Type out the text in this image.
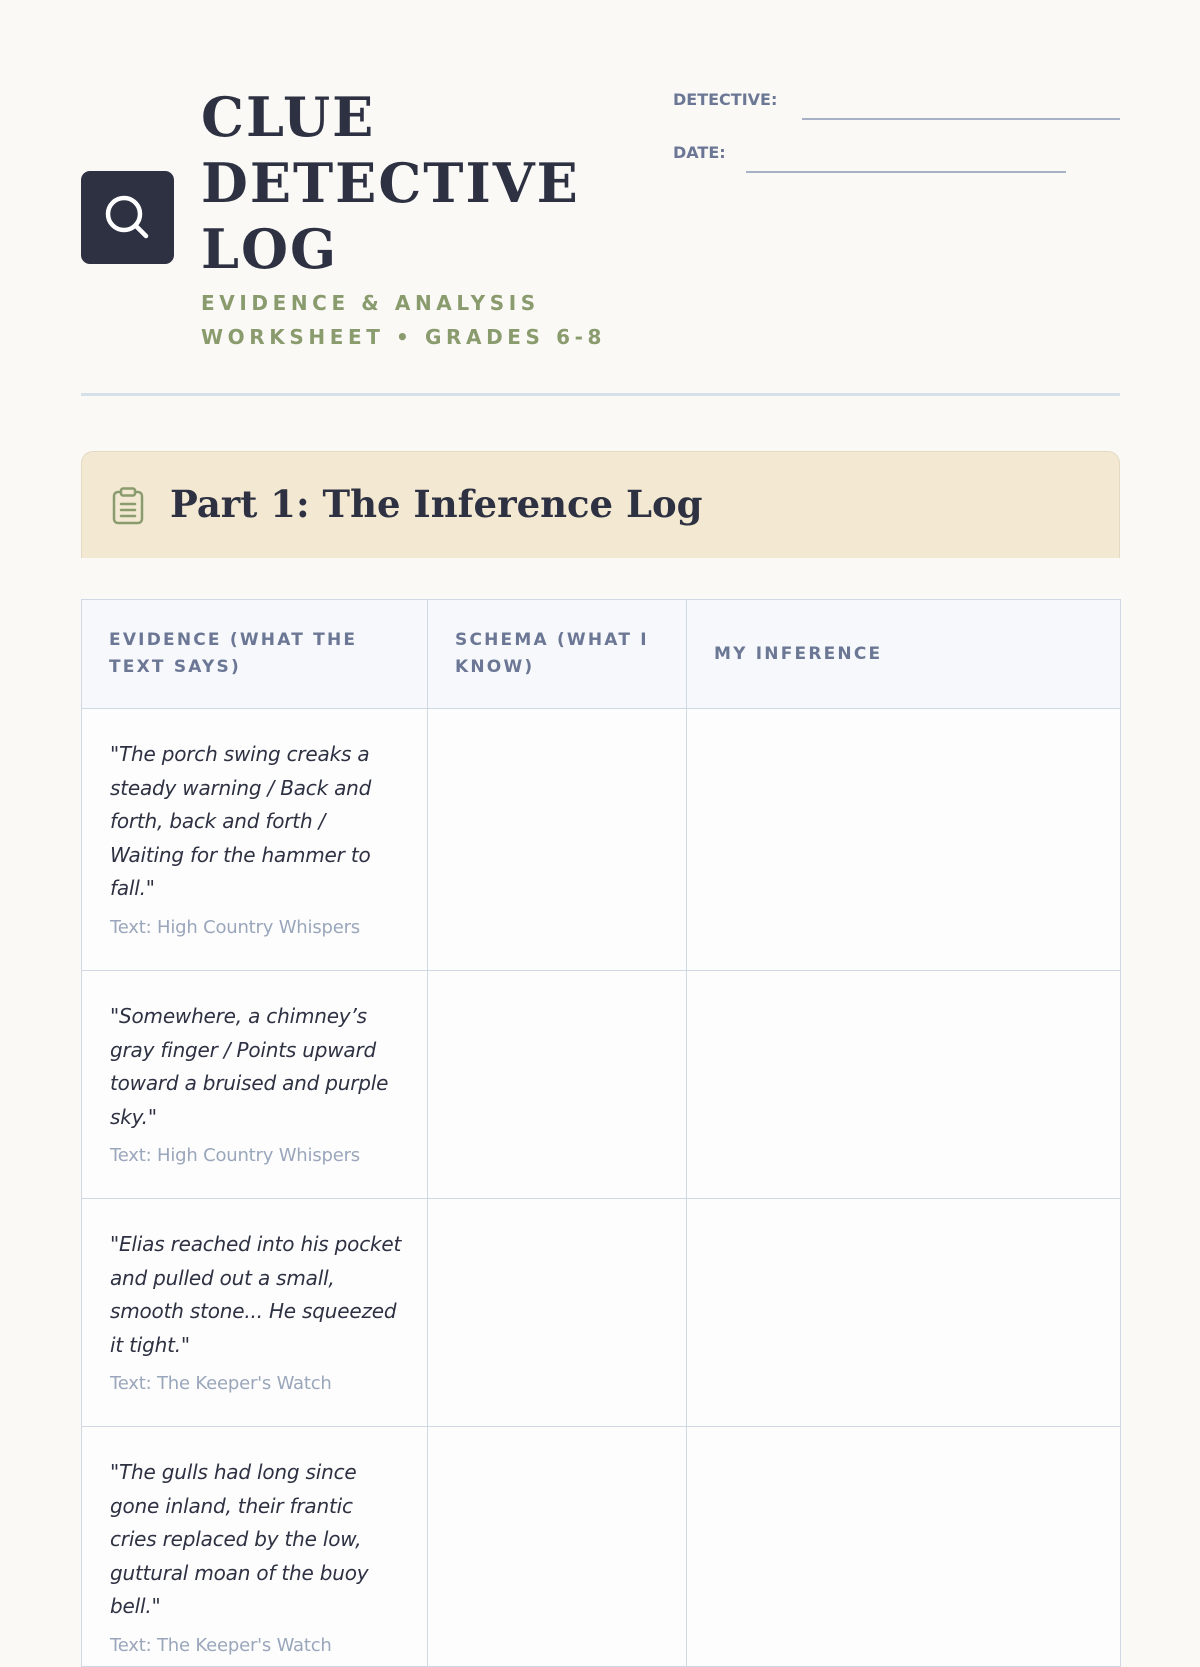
CLUE
DETECTIVE
LOG
EVIDENCE & ANALYSIS
WORKSHEET • GRADES 6-8
DETECTIVE:
DATE:
Part 1: The Inference Log
EVIDENCE (WHAT THE TEXT SAYS)	SCHEMA (WHAT I KNOW)	MY INFERENCE

"The porch swing creaks a steady warning / Back and forth, back and forth / Waiting for the hammer to fall."
Text: High Country Whispers		

"Somewhere, a chimney’s gray finger / Points upward toward a bruised and purple sky."
Text: High Country Whispers		

"Elias reached into his pocket and pulled out a small, smooth stone... He squeezed it tight."
Text: The Keeper's Watch		

"The gulls had long since gone inland, their frantic cries replaced by the low, guttural moan of the buoy bell."
Text: The Keeper's Watch		
